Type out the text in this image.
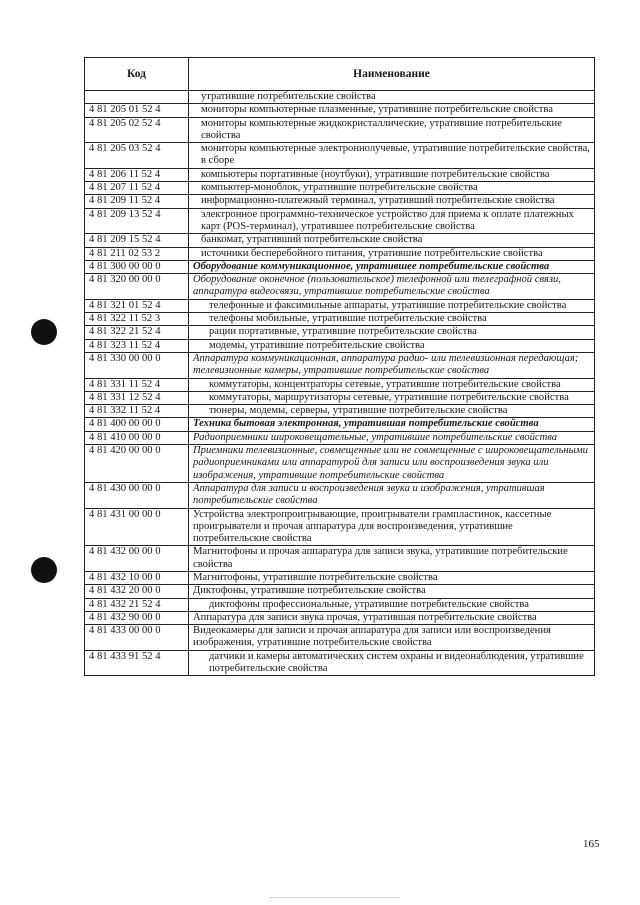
Код	Наименование
	утратившие потребительские свойства
4 81 205 01 52 4	мониторы компьютерные плазменные, утратившие потребительские свойства
4 81 205 02 52 4	мониторы компьютерные жидкокристаллические, утратившие потребительские свойства
4 81 205 03 52 4	мониторы компьютерные электроннолучевые, утратившие потребительские свойства, в сборе
4 81 206 11 52 4	компьютеры портативные (ноутбуки), утратившие потребительские свойства
4 81 207 11 52 4	компьютер-моноблок, утратившие потребительские свойства
4 81 209 11 52 4	информационно-платежный терминал, утративший потребительские свойства
4 81 209 13 52 4	электронное программно-техническое устройство для приема к оплате платежных карт (POS-терминал), утратившее потребительские свойства
4 81 209 15 52 4	банкомат, утративший потребительские свойства
4 81 211 02 53 2	источники бесперебойного питания, утратившие потребительские свойства
4 81 300 00 00 0	Оборудование коммуникационное, утратившее потребительские свойства
4 81 320 00 00 0	Оборудование оконечное (пользовательское) телефонной или телеграфной связи, аппаратура видеосвязи, утратившие потребительские свойства
4 81 321 01 52 4	телефонные и факсимильные аппараты, утратившие потребительские свойства
4 81 322 11 52 3	телефоны мобильные, утратившие потребительские свойства
4 81 322 21 52 4	рации портативные, утратившие потребительские свойства
4 81 323 11 52 4	модемы, утратившие потребительские свойства
4 81 330 00 00 0	Аппаратура коммуникационная, аппаратура радио- или телевизионная передающая; телевизионные камеры, утратившие потребительские свойства
4 81 331 11 52 4	коммутаторы, концентраторы сетевые, утратившие потребительские свойства
4 81 331 12 52 4	коммутаторы, маршрутизаторы сетевые, утратившие потребительские свойства
4 81 332 11 52 4	тюнеры, модемы, серверы, утратившие потребительские свойства
4 81 400 00 00 0	Техника бытовая электронная, утратившая потребительские свойства
4 81 410 00 00 0	Радиоприемники широковещательные, утратившие потребительские свойства
4 81 420 00 00 0	Приемники телевизионные, совмещенные или не совмещенные с широковещательными радиоприемниками или аппаратурой для записи или воспроизведения звука или изображения, утратившие потребительские свойства
4 81 430 00 00 0	Аппаратура для записи и воспроизведения звука и изображения, утратившая потребительские свойства
4 81 431 00 00 0	Устройства электропроигрывающие, проигрыватели грампластинок, кассетные проигрыватели и прочая аппаратура для воспроизведения, утратившие потребительские свойства
4 81 432 00 00 0	Магнитофоны и прочая аппаратура для записи звука, утратившие потребительские свойства
4 81 432 10 00 0	Магнитофоны, утратившие потребительские свойства
4 81 432 20 00 0	Диктофоны, утратившие потребительские свойства
4 81 432 21 52 4	диктофоны профессиональные, утратившие потребительские свойства
4 81 432 90 00 0	Аппаратура для записи звука прочая, утратившая потребительские свойства
4 81 433 00 00 0	Видеокамеры для записи и прочая аппаратура для записи или воспроизведения изображения, утратившие потребительские свойства
4 81 433 91 52 4	датчики и камеры автоматических систем охраны и видеонаблюдения, утратившие потребительские свойства
165
